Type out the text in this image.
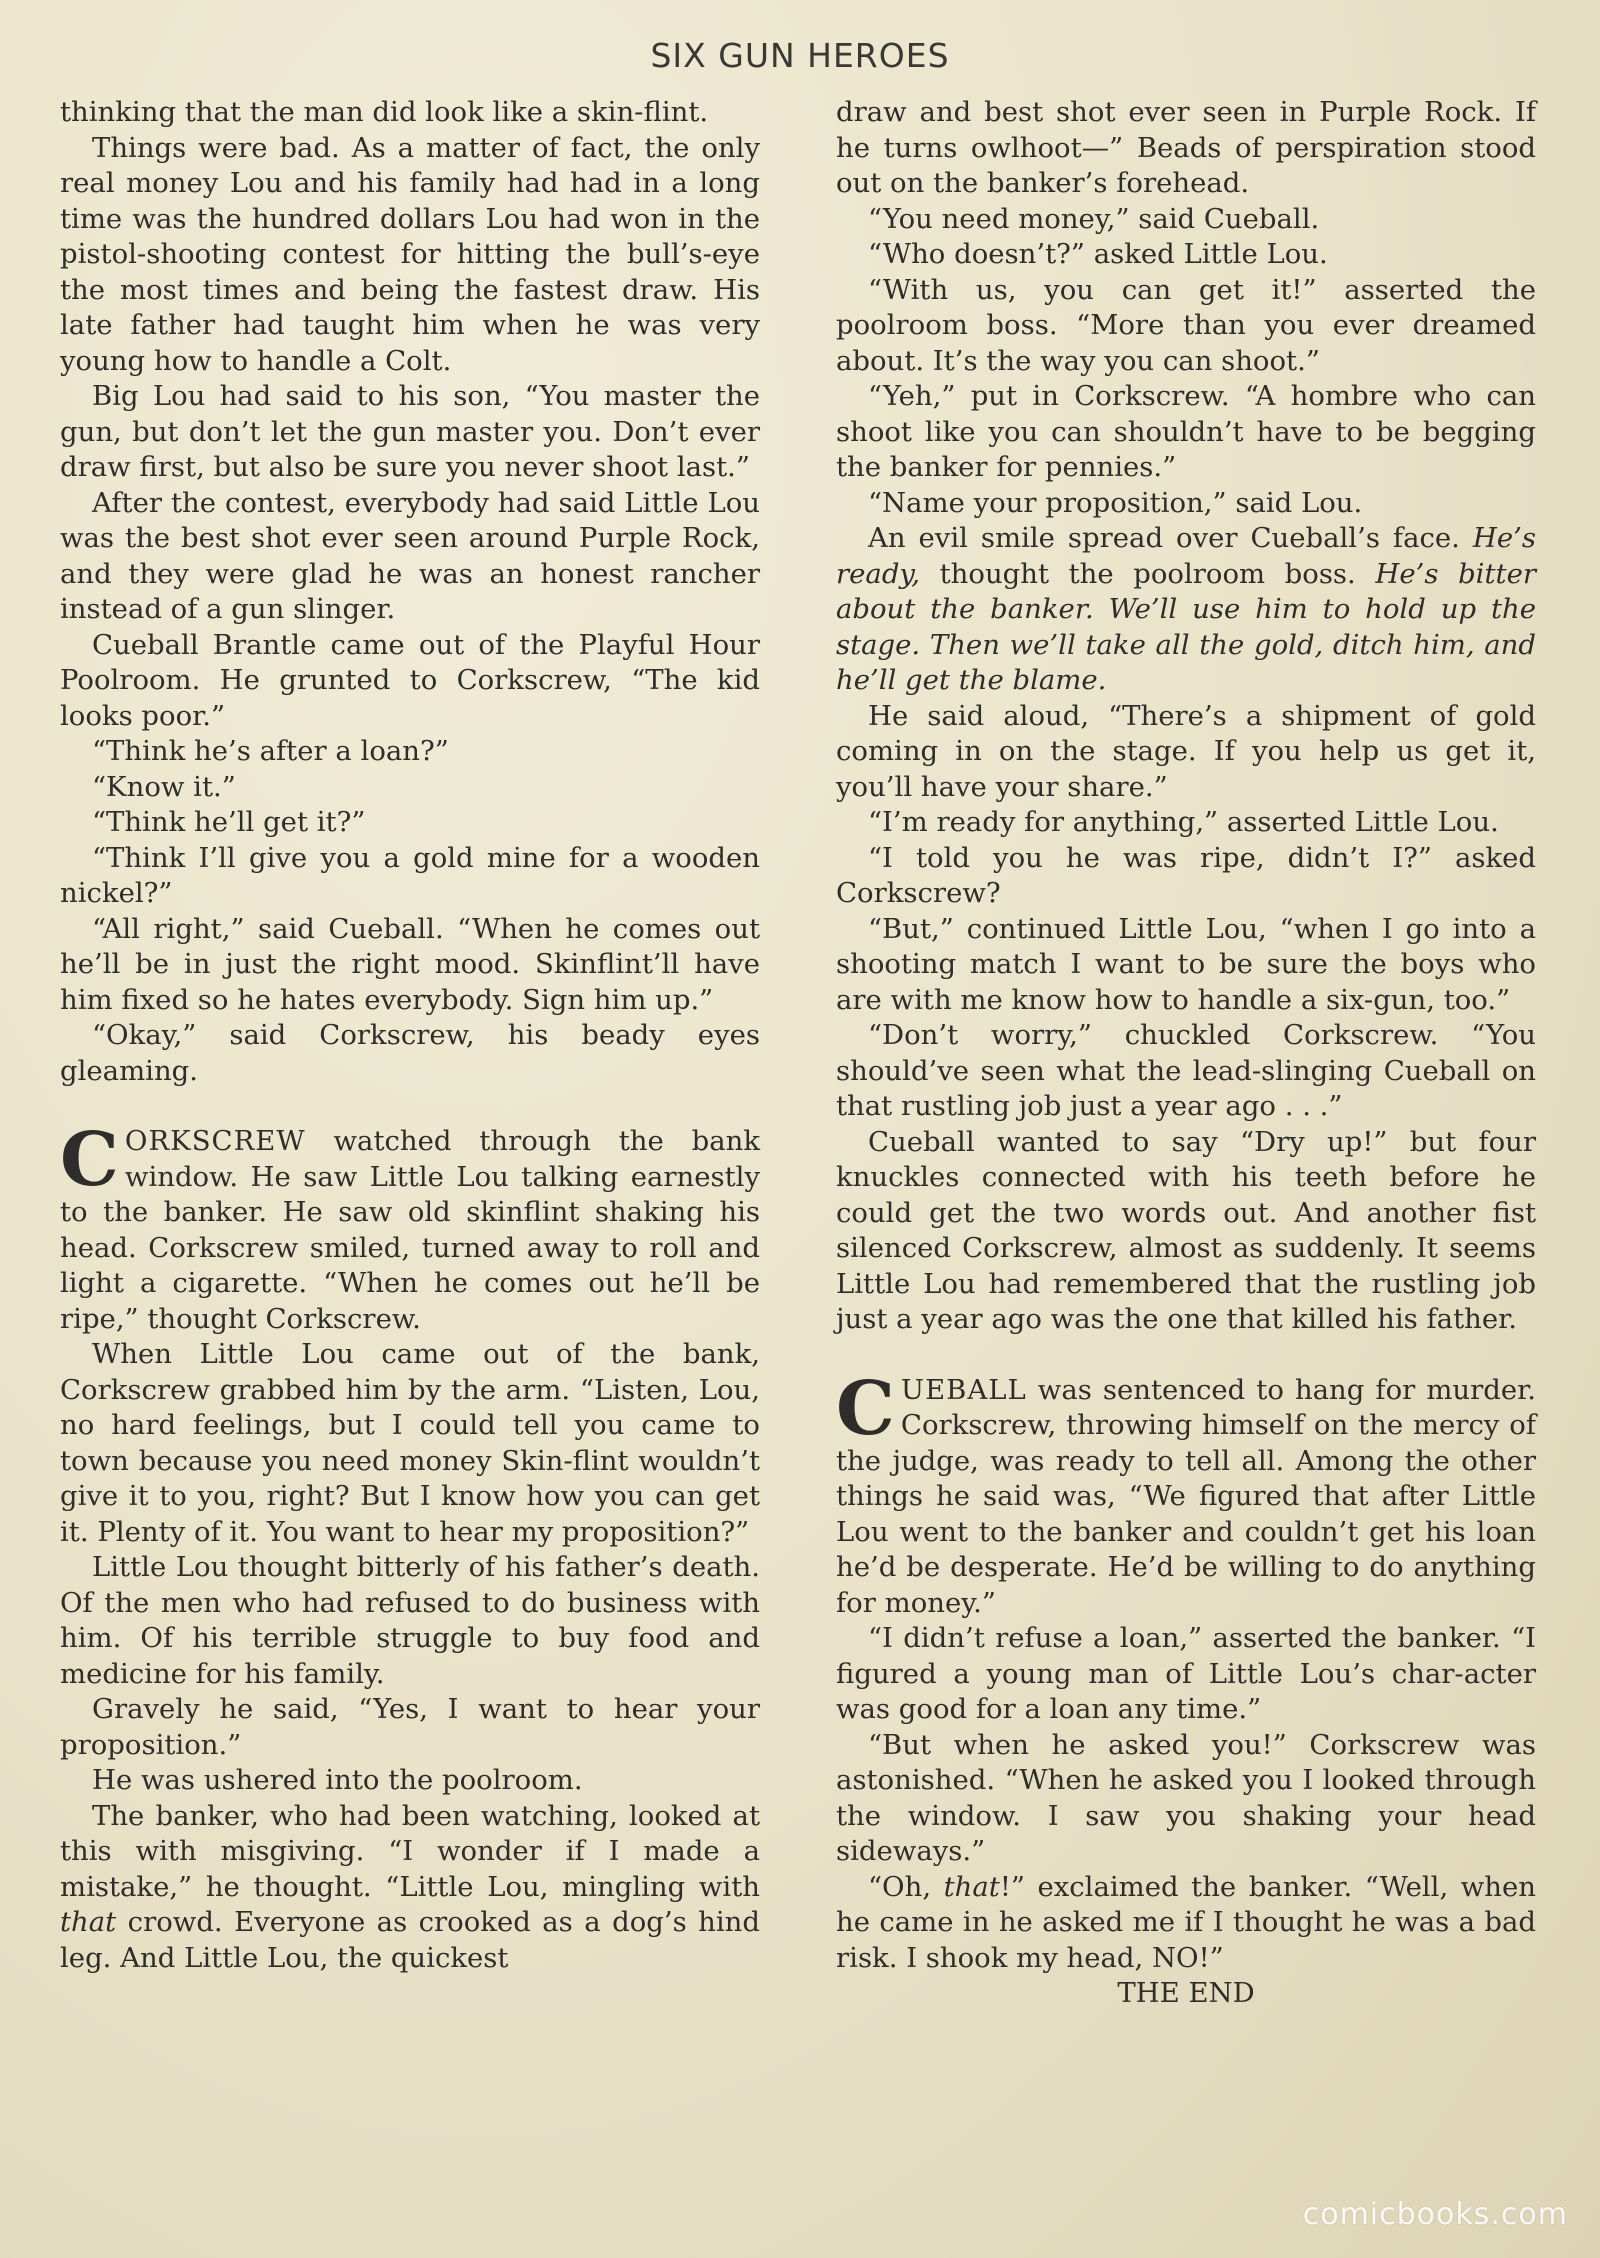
SIX GUN HEROES

thinking that the man did look like a skin-flint.

Things were bad. As a matter of fact, the only real money Lou and his family had had in a long time was the hundred dollars Lou had won in the pistol-shooting contest for hitting the bull’s-eye the most times and being the fastest draw. His late father had taught him when he was very young how to handle a Colt.

Big Lou had said to his son, “You master the gun, but don’t let the gun master you. Don’t ever draw first, but also be sure you never shoot last.”

After the contest, everybody had said Little Lou was the best shot ever seen around Purple Rock, and they were glad he was an honest rancher instead of a gun slinger.

Cueball Brantle came out of the Playful Hour Poolroom. He grunted to Corkscrew, “The kid looks poor.”

“Think he’s after a loan?”

“Know it.”

“Think he’ll get it?”

“Think I’ll give you a gold mine for a wooden nickel?”

“All right,” said Cueball. “When he comes out he’ll be in just the right mood. Skinflint’ll have him fixed so he hates everybody. Sign him up.”

“Okay,” said Corkscrew, his beady eyes gleaming.

CORKSCREW watched through the bank window. He saw Little Lou talking earnestly to the banker. He saw old skinflint shaking his head. Corkscrew smiled, turned away to roll and light a cigarette. “When he comes out he’ll be ripe,” thought Corkscrew.

When Little Lou came out of the bank, Corkscrew grabbed him by the arm. “Listen, Lou, no hard feelings, but I could tell you came to town because you need money Skin-flint wouldn’t give it to you, right? But I know how you can get it. Plenty of it. You want to hear my proposition?”

Little Lou thought bitterly of his father’s death. Of the men who had refused to do business with him. Of his terrible struggle to buy food and medicine for his family.

Gravely he said, “Yes, I want to hear your proposition.”

He was ushered into the poolroom.

The banker, who had been watching, looked at this with misgiving. “I wonder if I made a mistake,” he thought. “Little Lou, mingling with that crowd. Everyone as crooked as a dog’s hind leg. And Little Lou, the quickest

draw and best shot ever seen in Purple Rock. If he turns owlhoot—” Beads of perspiration stood out on the banker’s forehead.

“You need money,” said Cueball.

“Who doesn’t?” asked Little Lou.

“With us, you can get it!” asserted the poolroom boss. “More than you ever dreamed about. It’s the way you can shoot.”

“Yeh,” put in Corkscrew. “A hombre who can shoot like you can shouldn’t have to be begging the banker for pennies.”

“Name your proposition,” said Lou.

An evil smile spread over Cueball’s face. He’s ready, thought the poolroom boss. He’s bitter about the banker. We’ll use him to hold up the stage. Then we’ll take all the gold, ditch him, and he’ll get the blame.

He said aloud, “There’s a shipment of gold coming in on the stage. If you help us get it, you’ll have your share.”

“I’m ready for anything,” asserted Little Lou.

“I told you he was ripe, didn’t I?” asked Corkscrew?

“But,” continued Little Lou, “when I go into a shooting match I want to be sure the boys who are with me know how to handle a six-gun, too.”

“Don’t worry,” chuckled Corkscrew. “You should’ve seen what the lead-slinging Cueball on that rustling job just a year ago . . .”

Cueball wanted to say “Dry up!” but four knuckles connected with his teeth before he could get the two words out. And another fist silenced Corkscrew, almost as suddenly. It seems Little Lou had remembered that the rustling job just a year ago was the one that killed his father.

CUEBALL was sentenced to hang for murder. Corkscrew, throwing himself on the mercy of the judge, was ready to tell all. Among the other things he said was, “We figured that after Little Lou went to the banker and couldn’t get his loan he’d be desperate. He’d be willing to do anything for money.”

“I didn’t refuse a loan,” asserted the banker. “I figured a young man of Little Lou’s char-acter was good for a loan any time.”

“But when he asked you!” Corkscrew was astonished. “When he asked you I looked through the window. I saw you shaking your head sideways.”

“Oh, that!” exclaimed the banker. “Well, when he came in he asked me if I thought he was a bad risk. I shook my head, NO!”

THE END

comicbooks.com
